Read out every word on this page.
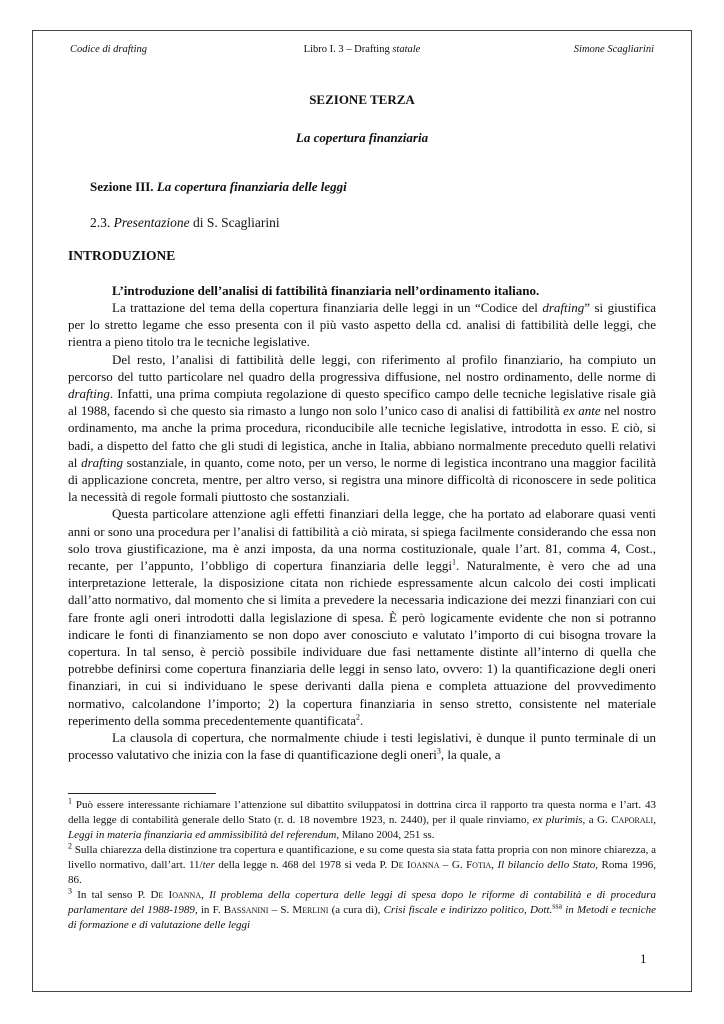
Codice di drafting	Libro I. 3 – Drafting statale	Simone Scagliarini

SEZIONE TERZA

La copertura finanziaria

Sezione III. La copertura finanziaria delle leggi

2.3. Presentazione di S. Scagliarini

INTRODUZIONE

L’introduzione dell’analisi di fattibilità finanziaria nell’ordinamento italiano.

La trattazione del tema della copertura finanziaria delle leggi in un “Codice del drafting” si giustifica per lo stretto legame che esso presenta con il più vasto aspetto della cd. analisi di fattibilità delle leggi, che rientra a pieno titolo tra le tecniche legislative.

Del resto, l’analisi di fattibilità delle leggi, con riferimento al profilo finanziario, ha compiuto un percorso del tutto particolare nel quadro della progressiva diffusione, nel nostro ordinamento, delle norme di drafting. Infatti, una prima compiuta regolazione di questo specifico campo delle tecniche legislative risale già al 1988, facendo sì che questo sia rimasto a lungo non solo l’unico caso di analisi di fattibilità ex ante nel nostro ordinamento, ma anche la prima procedura, riconducibile alle tecniche legislative, introdotta in esso. E ciò, si badi, a dispetto del fatto che gli studi di legistica, anche in Italia, abbiano normalmente preceduto quelli relativi al drafting sostanziale, in quanto, come noto, per un verso, le norme di legistica incontrano una maggior facilità di applicazione concreta, mentre, per altro verso, si registra una minore difficoltà di riconoscere in sede politica la necessità di regole formali piuttosto che sostanziali.

Questa particolare attenzione agli effetti finanziari della legge, che ha portato ad elaborare quasi venti anni or sono una procedura per l’analisi di fattibilità a ciò mirata, si spiega facilmente considerando che essa non solo trova giustificazione, ma è anzi imposta, da una norma costituzionale, quale l’art. 81, comma 4, Cost., recante, per l’appunto, l’obbligo di copertura finanziaria delle leggi$^1$. Naturalmente, è vero che ad una interpretazione letterale, la disposizione citata non richiede espressamente alcun calcolo dei costi implicati dall’atto normativo, dal momento che si limita a prevedere la necessaria indicazione dei mezzi finanziari con cui fare fronte agli oneri introdotti dalla legislazione di spesa. È però logicamente evidente che non si potranno indicare le fonti di finanziamento se non dopo aver conosciuto e valutato l’importo di cui bisogna trovare la copertura. In tal senso, è perciò possibile individuare due fasi nettamente distinte all’interno di quella che potrebbe definirsi come copertura finanziaria delle leggi in senso lato, ovvero: 1) la quantificazione degli oneri finanziari, in cui si individuano le spese derivanti dalla piena e completa attuazione del provvedimento normativo, calcolandone l’importo; 2) la copertura finanziaria in senso stretto, consistente nel materiale reperimento della somma precedentemente quantificata$^2$.

La clausola di copertura, che normalmente chiude i testi legislativi, è dunque il punto terminale di un processo valutativo che inizia con la fase di quantificazione degli oneri$^3$, la quale, a

$^1$ Può essere interessante richiamare l’attenzione sul dibattito sviluppatosi in dottrina circa il rapporto tra questa norma e l’art. 43 della legge di contabilità generale dello Stato (r. d. 18 novembre 1923, n. 2440), per il quale rinviamo, ex plurimis, a G. Caporali, Leggi in materia finanziaria ed ammissibilità del referendum, Milano 2004, 251 ss.

$^2$ Sulla chiarezza della distinzione tra copertura e quantificazione, e su come questa sia stata fatta propria con non minore chiarezza, a livello normativo, dall’art. 11/ter della legge n. 468 del 1978 si veda P. De Ioanna – G. Fotia, Il bilancio dello Stato, Roma 1996, 86.

$^3$ In tal senso P. De Ioanna, Il problema della copertura delle leggi di spesa dopo le riforme di contabilità e di procedura parlamentare del 1988-1989, in F. Bassanini – S. Merlini (a cura di), Crisi fiscale e indirizzo politico, Dott.$^{ssa}$ in Metodi e tecniche di formazione e di valutazione delle leggi

1
